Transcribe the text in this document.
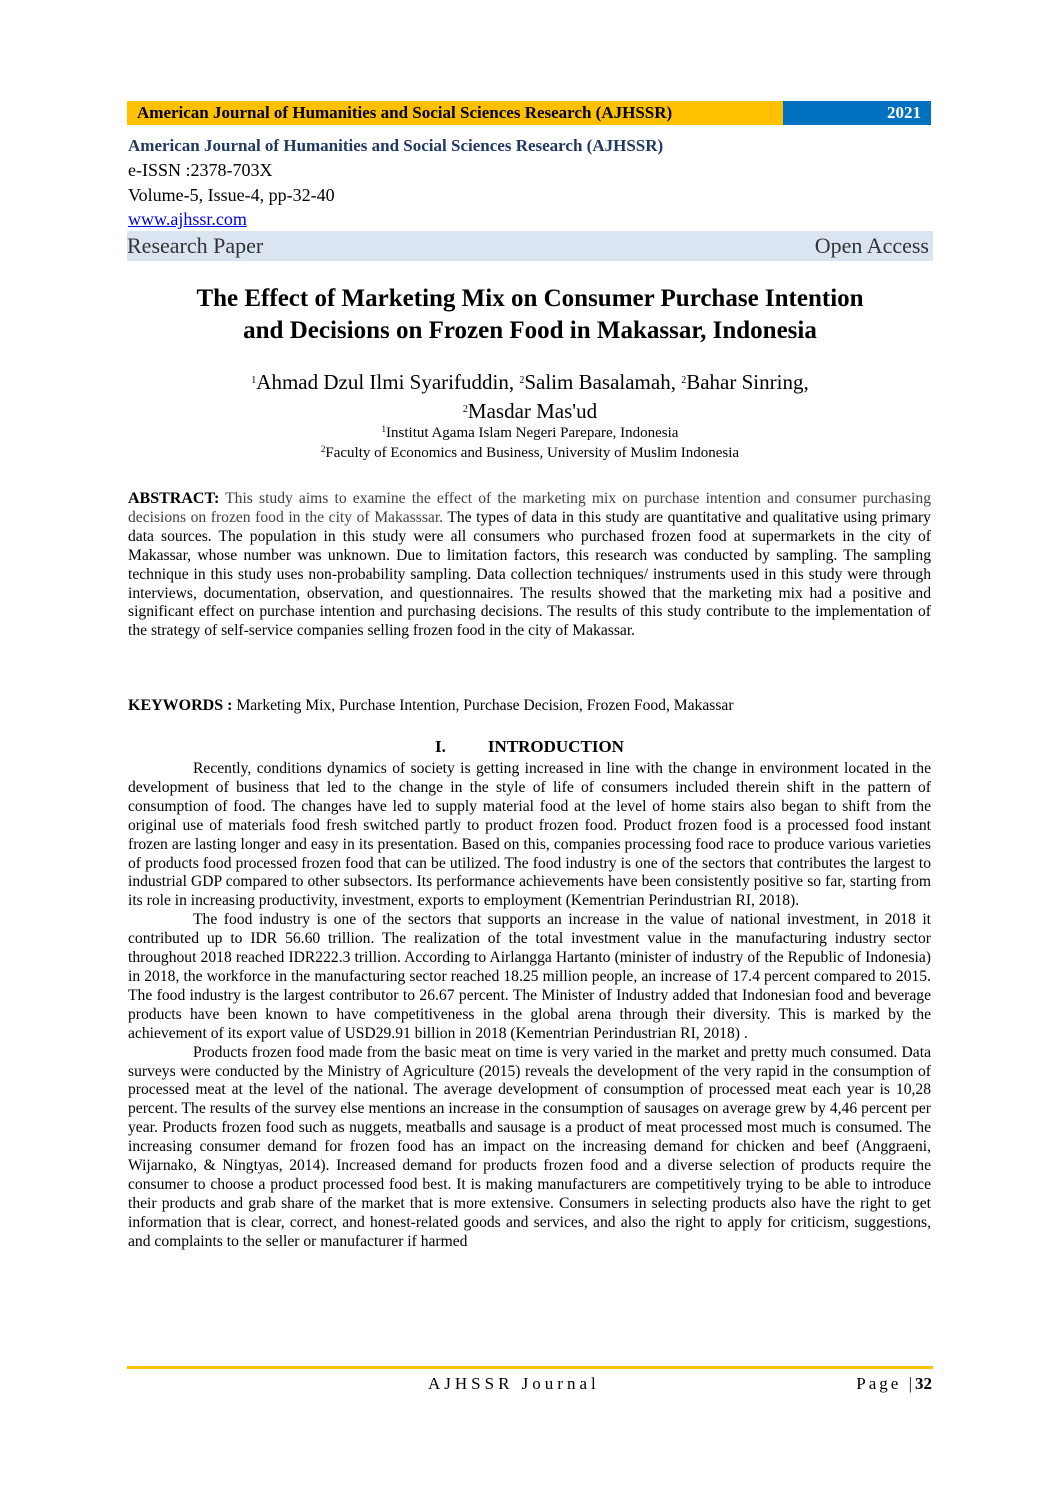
American Journal of Humanities and Social Sciences Research (AJHSSR)	2021
American Journal of Humanities and Social Sciences Research (AJHSSR)
e-ISSN :2378-703X
Volume-5, Issue-4, pp-32-40
www.ajhssr.com
Research Paper	Open Access
The Effect of Marketing Mix on Consumer Purchase Intention
and Decisions on Frozen Food in Makassar, Indonesia
$^1$Ahmad Dzul Ilmi Syarifuddin, $^2$Salim Basalamah, $^2$Bahar Sinring,
$^2$Masdar Mas'ud
$^1$Institut Agama Islam Negeri Parepare, Indonesia
$^2$Faculty of Economics and Business, University of Muslim Indonesia

ABSTRACT: This study aims to examine the effect of the marketing mix on purchase intention and consumer purchasing decisions on frozen food in the city of Makasssar. The types of data in this study are quantitative and qualitative using primary data sources. The population in this study were all consumers who purchased frozen food at supermarkets in the city of Makassar, whose number was unknown. Due to limitation factors, this research was conducted by sampling. The sampling technique in this study uses non-probability sampling. Data collection techniques/ instruments used in this study were through interviews, documentation, observation, and questionnaires. The results showed that the marketing mix had a positive and significant effect on purchase intention and purchasing decisions. The results of this study contribute to the implementation of the strategy of self-service companies selling frozen food in the city of Makassar.

KEYWORDS : Marketing Mix, Purchase Intention, Purchase Decision, Frozen Food, Makassar
I. INTRODUCTION

Recently, conditions dynamics of society is getting increased in line with the change in environment located in the development of business that led to the change in the style of life of consumers included therein shift in the pattern of consumption of food. The changes have led to supply material food at the level of home stairs also began to shift from the original use of materials food fresh switched partly to product frozen food. Product frozen food is a processed food instant frozen are lasting longer and easy in its presentation. Based on this, companies processing food race to produce various varieties of products food processed frozen food that can be utilized. The food industry is one of the sectors that contributes the largest to industrial GDP compared to other subsectors. Its performance achievements have been consistently positive so far, starting from its role in increasing productivity, investment, exports to employment (Kementrian Perindustrian RI, 2018).

The food industry is one of the sectors that supports an increase in the value of national investment, in 2018 it contributed up to IDR 56.60 trillion. The realization of the total investment value in the manufacturing industry sector throughout 2018 reached IDR222.3 trillion. According to Airlangga Hartanto (minister of industry of the Republic of Indonesia) in 2018, the workforce in the manufacturing sector reached 18.25 million people, an increase of 17.4 percent compared to 2015. The food industry is the largest contributor to 26.67 percent. The Minister of Industry added that Indonesian food and beverage products have been known to have competitiveness in the global arena through their diversity. This is marked by the achievement of its export value of USD29.91 billion in 2018 (Kementrian Perindustrian RI, 2018) .

Products frozen food made from the basic meat on time is very varied in the market and pretty much consumed. Data surveys were conducted by the Ministry of Agriculture (2015) reveals the development of the very rapid in the consumption of processed meat at the level of the national. The average development of consumption of processed meat each year is 10,28 percent. The results of the survey else mentions an increase in the consumption of sausages on average grew by 4,46 percent per year. Products frozen food such as nuggets, meatballs and sausage is a product of meat processed most much is consumed. The increasing consumer demand for frozen food has an impact on the increasing demand for chicken and beef (Anggraeni, Wijarnako, & Ningtyas, 2014). Increased demand for products frozen food and a diverse selection of products require the consumer to choose a product processed food best. It is making manufacturers are competitively trying to be able to introduce their products and grab share of the market that is more extensive. Consumers in selecting products also have the right to get information that is clear, correct, and honest-related goods and services, and also the right to apply for criticism, suggestions, and complaints to the seller or manufacturer if harmed

AJHSSR Journal	Page |32
